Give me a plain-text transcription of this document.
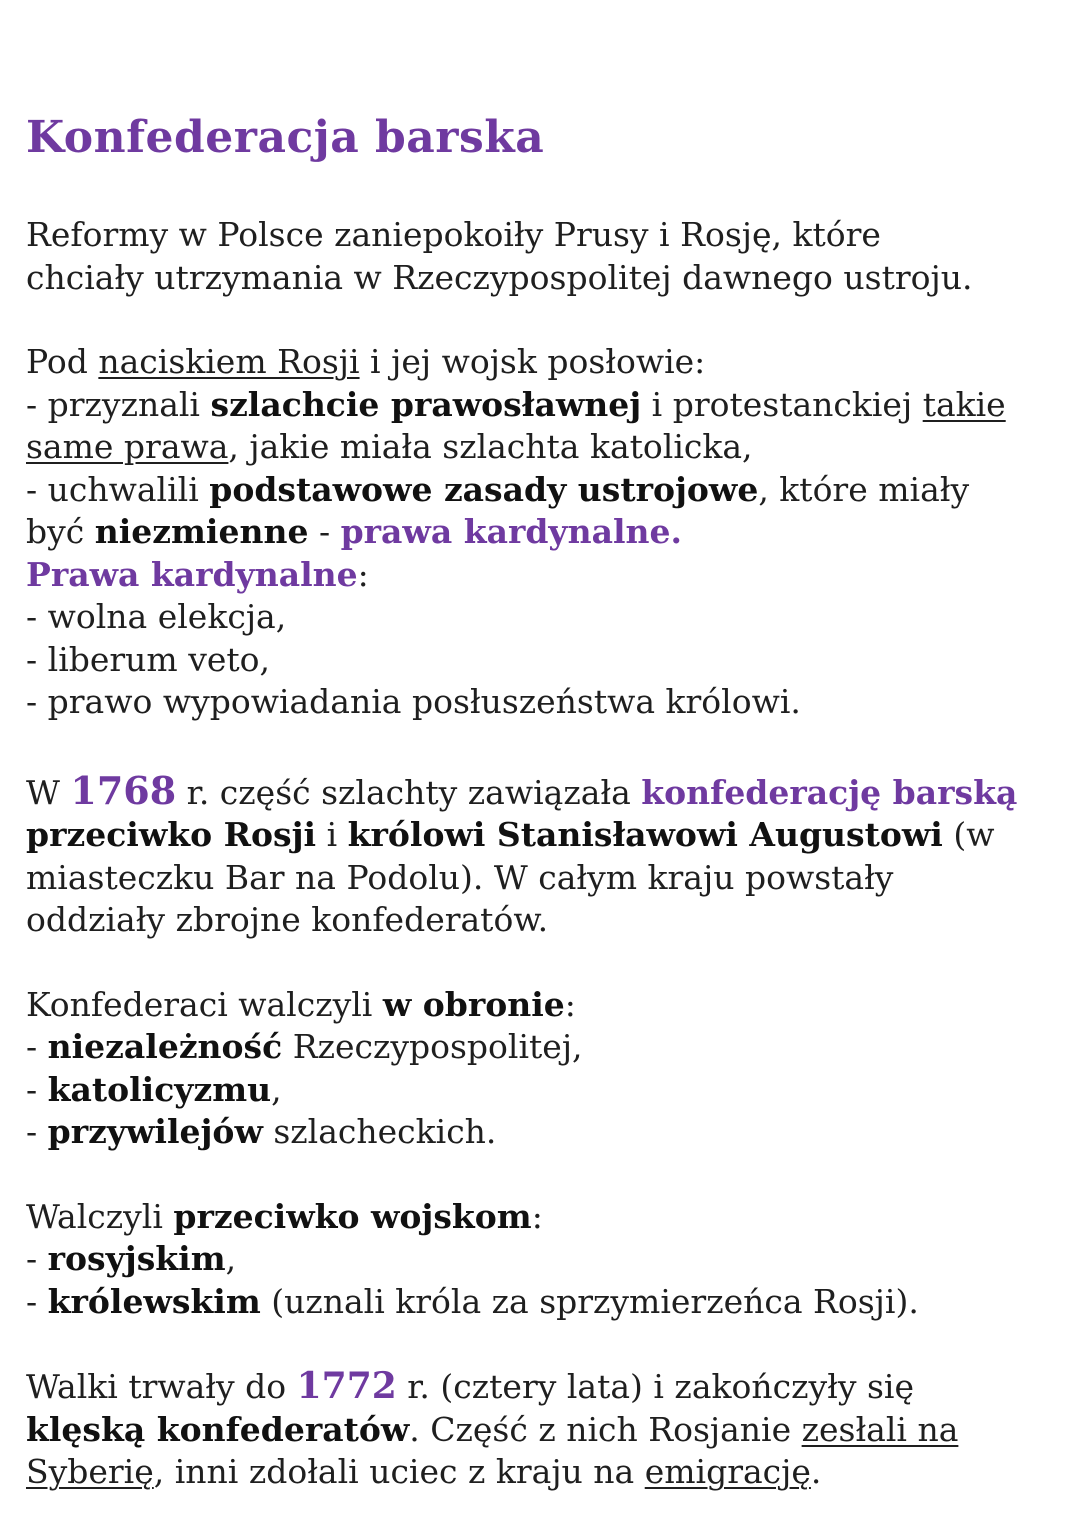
Konfederacja barska

Reformy w Polsce zaniepokoiły Prusy i Rosję, które
chciały utrzymania w Rzeczypospolitej dawnego ustroju.

Pod naciskiem Rosji i jej wojsk posłowie:
- przyznali szlachcie prawosławnej i protestanckiej takie
same prawa, jakie miała szlachta katolicka,
- uchwalili podstawowe zasady ustrojowe, które miały
być niezmienne - prawa kardynalne.
Prawa kardynalne:
- wolna elekcja,
- liberum veto,
- prawo wypowiadania posłuszeństwa królowi.

W 1768 r. część szlachty zawiązała konfederację barską
przeciwko Rosji i królowi Stanisławowi Augustowi (w
miasteczku Bar na Podolu). W całym kraju powstały
oddziały zbrojne konfederatów.

Konfederaci walczyli w obronie:
- niezależność Rzeczypospolitej,
- katolicyzmu,
- przywilejów szlacheckich.

Walczyli przeciwko wojskom:
- rosyjskim,
- królewskim (uznali króla za sprzymierzeńca Rosji).

Walki trwały do 1772 r. (cztery lata) i zakończyły się
klęską konfederatów. Część z nich Rosjanie zesłali na
Syberię, inni zdołali uciec z kraju na emigrację.
